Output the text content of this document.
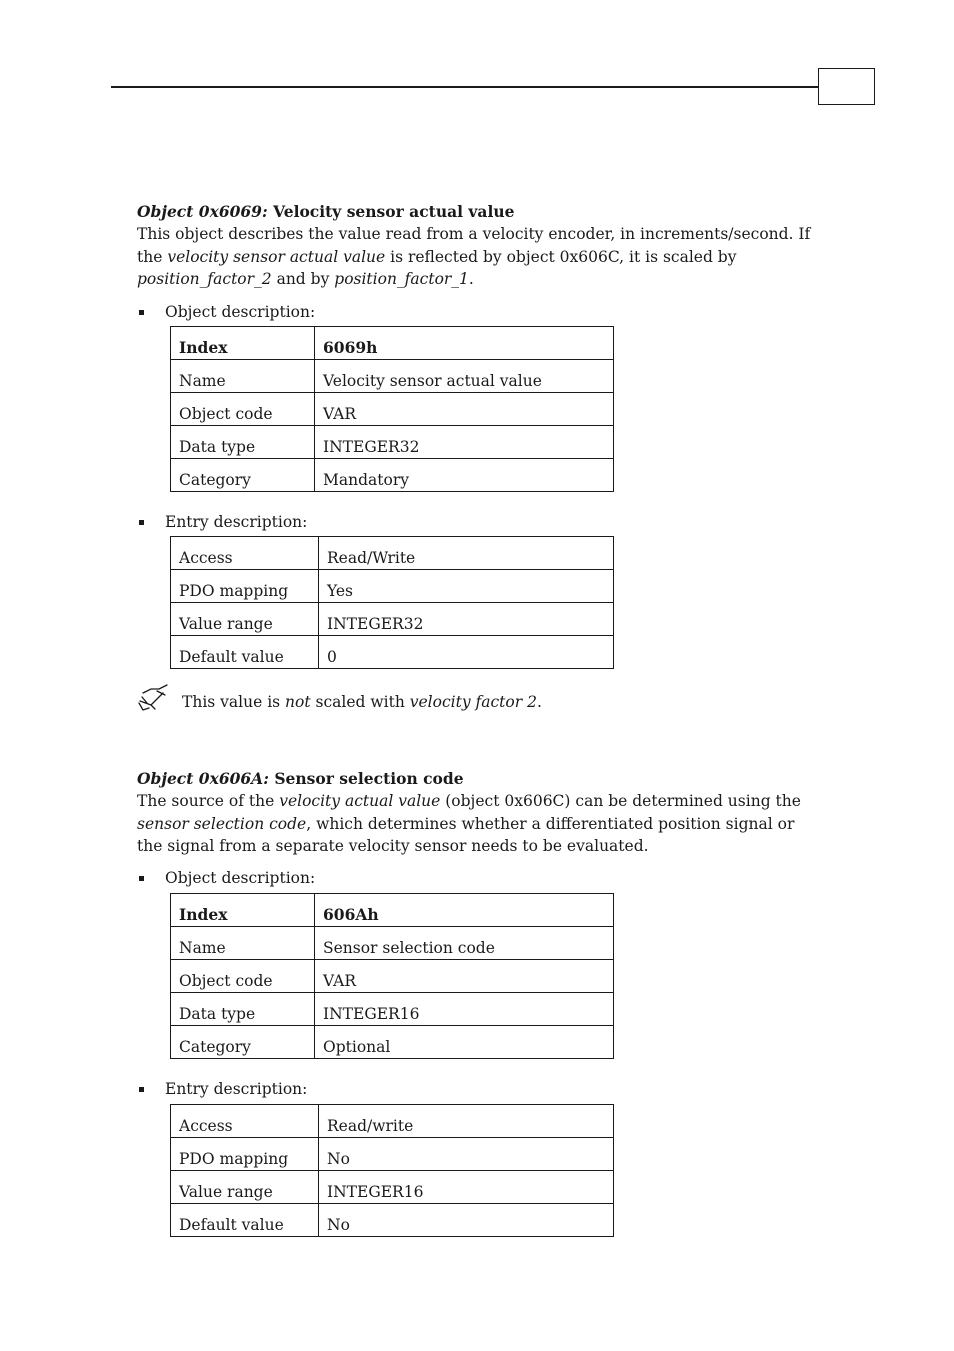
Object 0x6069: Velocity sensor actual value

This object describes the value read from a velocity encoder, in increments/second. If the velocity sensor actual value is reflected by object 0x606C, it is scaled by position_factor_2 and by position_factor_1.

Object description:

Index	6069h
Name	Velocity sensor actual value
Object code	VAR
Data type	INTEGER32
Category	Mandatory

Entry description:

Access	Read/Write
PDO mapping	Yes
Value range	INTEGER32
Default value	0

This value is not scaled with velocity factor 2.

Object 0x606A: Sensor selection code

The source of the velocity actual value (object 0x606C) can be determined using the sensor selection code, which determines whether a differentiated position signal or the signal from a separate velocity sensor needs to be evaluated.

Object description:

Index	606Ah
Name	Sensor selection code
Object code	VAR
Data type	INTEGER16
Category	Optional

Entry description:

Access	Read/write
PDO mapping	No
Value range	INTEGER16
Default value	No
